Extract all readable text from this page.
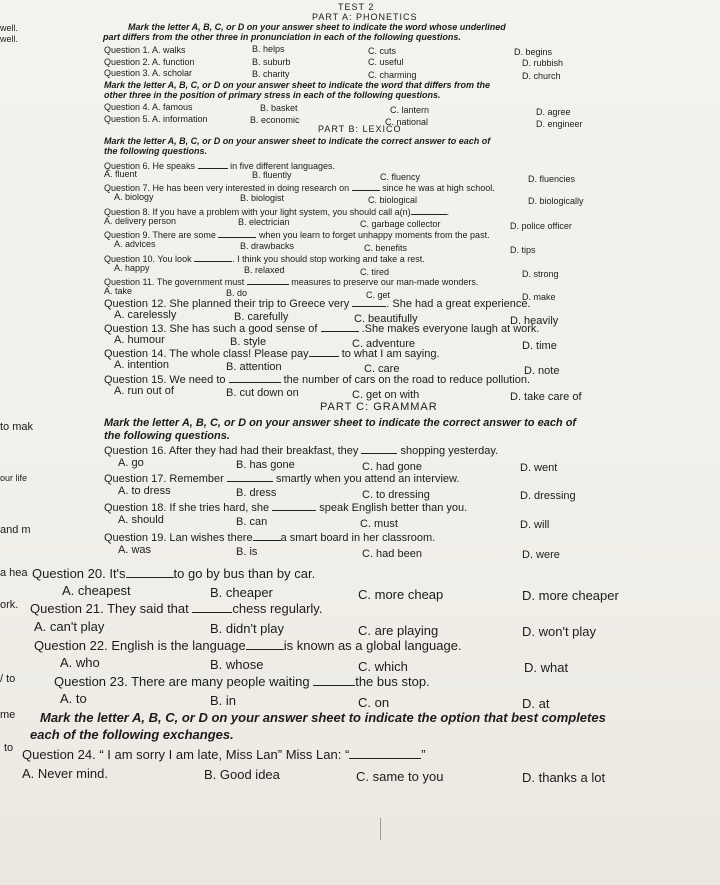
TEST 2
PART A: PHONETICS
well.
well.
to mak
our life
and m
a hea
ork.
/ to
me
to
Mark the letter A, B, C, or D on your answer sheet to indicate the word whose underlined
part differs from the other three in pronunciation in each of the following questions.
Question 1. A. walks	B. helps	C. cuts	D. begins
Question 2. A. function	B. suburb	C. useful	D. rubbish
Question 3. A. scholar	B. charity	C. charming	D. church
Mark the letter A, B, C, or D on your answer sheet to indicate the word that differs from the
other three in the position of primary stress in each of the following questions.
Question 4. A. famous	B. basket	C. lantern	D. agree
Question 5. A. information	B. economic	C. national	D. engineer
PART B: LEXICO
Mark the letter A, B, C, or D on your answer sheet to indicate the correct answer to each of
the following questions.
Question 6. He speaks	in five different languages.
A. fluent	B. fluently	C. fluency	D. fluencies
Question 7. He has been very interested in doing research on	since he was at high school.
A. biology	B. biologist	C. biological	D. biologically
Question 8. If you have a problem with your light system, you should call a(n)	.
A. delivery person	B. electrician	C. garbage collector	D. police officer
Question 9. There are some	when you learn to forget unhappy moments from the past.
A. advices	B. drawbacks	C. benefits	D. tips
Question 10. You look	. I think you should stop working and take a rest.
A. happy	B. relaxed	C. tired	D. strong
Question 11. The government must	measures to preserve our man-made wonders.
A. take	B. do	C. get	D. make
Question 12. She planned their trip to Greece very	. She had a great experience.
A. carelessly	B. carefully	C. beautifully	D. heavily
Question 13. She has such a good sense of	.She makes everyone laugh at work.
A. humour	B. style	C. adventure	D. time
Question 14. The whole class! Please pay	to what I am saying.
A. intention	B. attention	C. care	D. note
Question 15. We need to	the number of cars on the road to reduce pollution.
A. run out of	B. cut down on	C. get on with	D. take care of
PART C: GRAMMAR
Mark the letter A, B, C, or D on your answer sheet to indicate the correct answer to each of
the following questions.
Question 16. After they had had their breakfast, they	shopping yesterday.
A. go	B. has gone	C. had gone	D. went
Question 17. Remember	smartly when you attend an interview.
A. to dress	B. dress	C. to dressing	D. dressing
Question 18. If she tries hard, she	speak English better than you.
A. should	B. can	C. must	D. will
Question 19. Lan wishes there	a smart board in her classroom.
A. was	B. is	C. had been	D. were
Question 20. It's	to go by bus than by car.
A. cheapest	B. cheaper	C. more cheap	D. more cheaper
Question 21. They said that	chess regularly.
A. can't play	B. didn't play	C. are playing	D. won't play
Question 22. English is the language	is known as a global language.
A. who	B. whose	C. which	D. what
Question 23. There are many people waiting	the bus stop.
A. to	B. in	C. on	D. at
Mark the letter A, B, C, or D on your answer sheet to indicate the option that best completes
each of the following exchanges.
Question 24. “ I am sorry I am late, Miss Lan” Miss Lan: “	”
A. Never mind.	B. Good idea	C. same to you	D. thanks a lot
